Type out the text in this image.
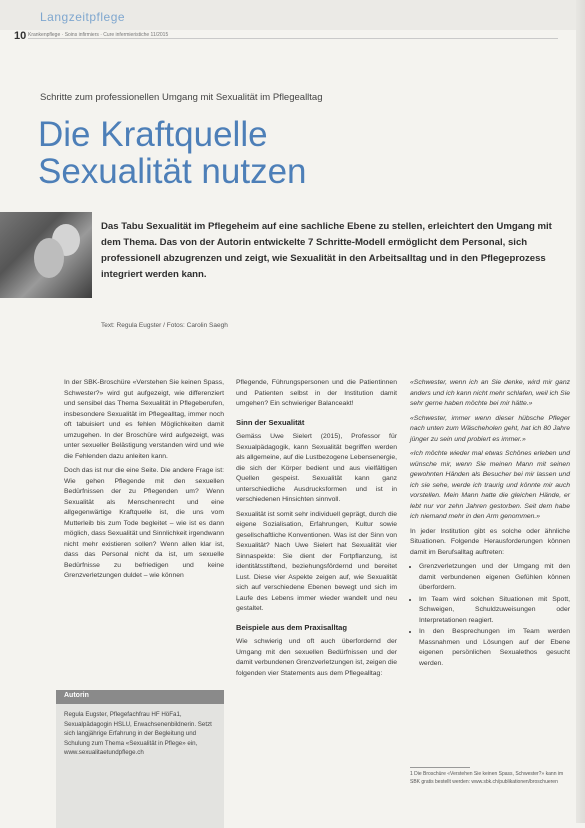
Langzeitpflege
10 Krankenpflege · Soins infirmiers · Cure infermieristiche 11/2015
Schritte zum professionellen Umgang mit Sexualität im Pflegealltag
Die Kraftquelle
Sexualität nutzen

Das Tabu Sexualität im Pflegeheim auf eine sachliche Ebene zu stellen, erleichtert den Umgang mit dem Thema. Das von der Autorin entwickelte 7 Schritte-Modell ermöglicht dem Personal, sich professionell abzugrenzen und zeigt, wie Sexualität in den Arbeitsalltag und in den Pflegeprozess integriert werden kann.

Text: Regula Eugster / Fotos: Carolin Saegh

In der SBK-Broschüre «Verstehen Sie keinen Spass, Schwester?» wird gut aufgezeigt, wie differenziert und sensibel das Thema Sexualität in Pflegeberufen, insbesondere Sexualität im Pflegealltag, immer noch oft tabuisiert und es fehlen Möglichkeiten damit umzugehen. In der Broschüre wird aufgezeigt, was unter sexueller Belästigung verstanden wird und wie die Fehlenden dazu anleiten kann.

Doch das ist nur die eine Seite. Die andere Frage ist: Wie gehen Pflegende mit den sexuellen Bedürfnissen der zu Pflegenden um? Wenn Sexualität als Menschenrecht und eine allgegenwärtige Kraftquelle ist, die uns vom Mutterleib bis zum Tode begleitet – wie ist es dann möglich, dass Sexualität und Sinnlichkeit irgendwann nicht mehr existieren sollen? Wenn allen klar ist, dass das Personal nicht da ist, um sexuelle Bedürfnisse zu befriedigen und keine Grenzverletzungen duldet – wie können

Autorin
Regula Eugster, Pflegefachfrau HF HöFa1, Sexualpädagogin HSLU, Erwachsenenbildnerin. Setzt sich langjährige Erfahrung in der Begleitung und Schulung zum Thema «Sexualität in Pflege» ein, www.sexualitaetundpflege.ch

Pflegende, Führungspersonen und die Patientinnen und Patienten selbst in der Institution damit umgehen? Ein schwieriger Balanceakt!

Sinn der Sexualität

Gemäss Uwe Sielert (2015), Professor für Sexualpädagogik, kann Sexualität begriffen werden als allgemeine, auf die Lustbezogene Lebensenergie, die sich der Körper bedient und aus vielfältigen Quellen gespeist. Sexualität kann ganz unterschiedliche Ausdrucksformen und ist in verschiedenen Hinsichten sinnvoll.

Sexualität ist somit sehr individuell geprägt, durch die eigene Sozialisation, Erfahrungen, Kultur sowie gesellschaftliche Konventionen. Was ist der Sinn von Sexualität? Nach Uwe Sielert hat Sexualität vier Sinnaspekte: Sie dient der Fortpflanzung, ist identitätsstiftend, beziehungsfördernd und bereitet Lust. Diese vier Aspekte zeigen auf, wie Sexualität sich auf verschiedene Ebenen bewegt und sich im Laufe des Lebens immer wieder wandelt und neu gestaltet.

Beispiele aus dem Praxisalltag

Wie schwierig und oft auch überfordernd der Umgang mit den sexuellen Bedürfnissen und der damit verbundenen Grenzverletzungen ist, zeigen die folgenden vier Statements aus dem Pflegealltag:

«Schwester, wenn ich an Sie denke, wird mir ganz anders und ich kann nicht mehr schlafen, weil ich Sie sehr gerne haben möchte bei mir hätte.»

«Schwester, immer wenn dieser hübsche Pfleger nach unten zum Wäscheholen geht, hat ich 80 Jahre jünger zu sein und probiert es immer.»

«Ich möchte wieder mal etwas Schönes erleben und wünsche mir, wenn Sie meinen Mann mit seinen gewohnten Händen als Besucher bei mir lassen und ich sie sehe, werde ich traurig und könnte mir auch vorstellen. Mein Mann hatte die gleichen Hände, er lebt nur vor zehn Jahren gestorben. Seit dem habe ich niemand mehr in den Arm genommen.»

In jeder Institution gibt es solche oder ähnliche Situationen. Folgende Herausforderungen können damit im Berufsalltag auftreten:

• Grenzverletzungen und der Umgang mit den damit verbundenen eigenen Gefühlen können überfordern.
• Im Team wird solchen Situationen mit Spott, Schweigen, Schuldzuweisungen oder Interpretationen reagiert.
• In den Besprechungen im Team werden Massnahmen und Lösungen auf der Ebene eigenen persönlichen Sexualethos gesucht werden.
1 Die Broschüre «Verstehen Sie keinen Spass, Schwester?» kann im SBK gratis bestellt werden: www.sbk.ch/publikationen/broschueren
